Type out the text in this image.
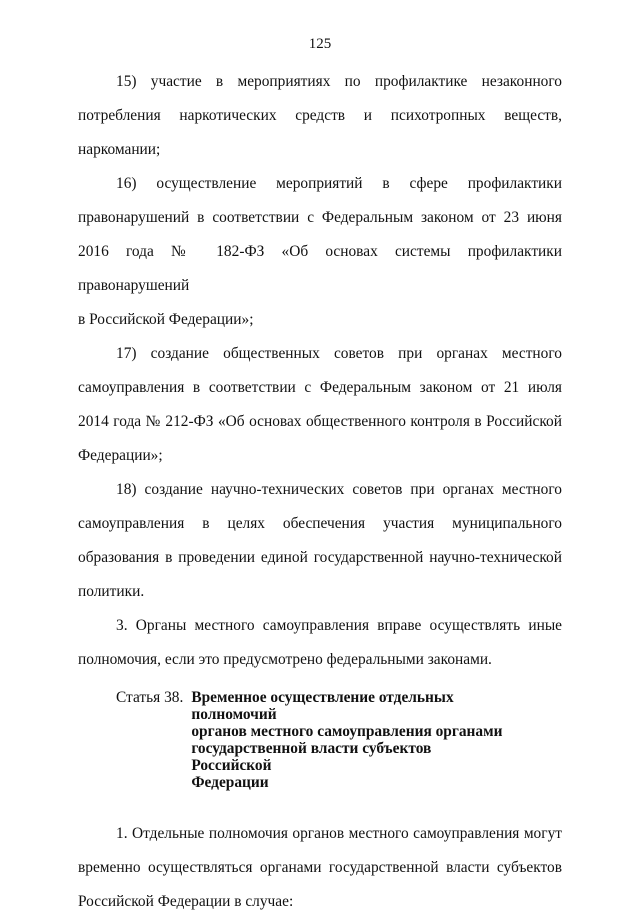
125
15) участие в мероприятиях по профилактике незаконного
потребления наркотических средств и психотропных веществ, наркомании;
16) осуществление мероприятий в сфере профилактики
правонарушений в соответствии с Федеральным законом от 23 июня
2016 года № 182-ФЗ «Об основах системы профилактики правонарушений
в Российской Федерации»;
17) создание общественных советов при органах местного
самоуправления в соответствии с Федеральным законом от 21 июля
2014 года № 212-ФЗ «Об основах общественного контроля в Российской
Федерации»;
18) создание научно-технических советов при органах местного
самоуправления в целях обеспечения участия муниципального
образования в проведении единой государственной научно-технической
политики.
3. Органы местного самоуправления вправе осуществлять иные
полномочия, если это предусмотрено федеральными законами.
Статья 38. Временное осуществление отдельных полномочий
органов местного самоуправления органами
государственной власти субъектов Российской
Федерации
1. Отдельные полномочия органов местного самоуправления могут
временно осуществляться органами государственной власти субъектов
Российской Федерации в случае:
